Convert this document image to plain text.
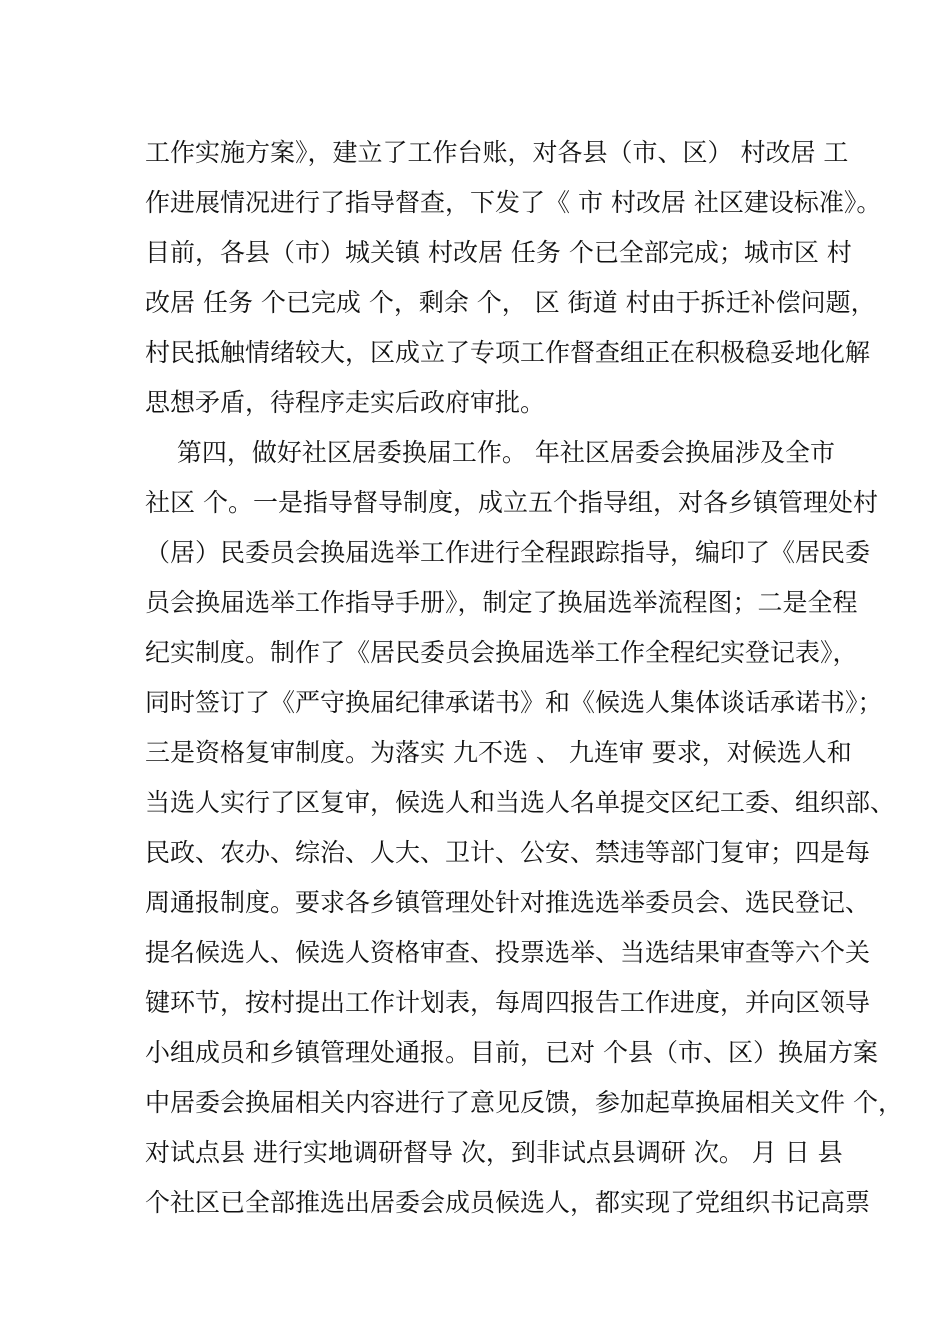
工作实施方案》，建立了工作台账，对各县（市、区） 村改居 工
作进展情况进行了指导督查，下发了《 市 村改居 社区建设标准》。
目前，各县（市）城关镇 村改居 任务 个已全部完成；城市区 村
改居 任务 个已完成 个，剩余 个， 区 街道 村由于拆迁补偿问题，
村民抵触情绪较大，区成立了专项工作督查组正在积极稳妥地化解
思想矛盾，待程序走实后政府审批。
第四，做好社区居委换届工作。 年社区居委会换届涉及全市
社区 个。一是指导督导制度，成立五个指导组，对各乡镇管理处村
（居）民委员会换届选举工作进行全程跟踪指导，编印了《居民委
员会换届选举工作指导手册》，制定了换届选举流程图；二是全程
纪实制度。制作了《居民委员会换届选举工作全程纪实登记表》，
同时签订了《严守换届纪律承诺书》和《候选人集体谈话承诺书》；
三是资格复审制度。为落实 九不选 、 九连审 要求，对候选人和
当选人实行了区复审，候选人和当选人名单提交区纪工委、组织部、
民政、农办、综治、人大、卫计、公安、禁违等部门复审；四是每
周通报制度。要求各乡镇管理处针对推选选举委员会、选民登记、
提名候选人、候选人资格审查、投票选举、当选结果审查等六个关
键环节，按村提出工作计划表，每周四报告工作进度，并向区领导
小组成员和乡镇管理处通报。目前，已对 个县（市、区）换届方案
中居委会换届相关内容进行了意见反馈，参加起草换届相关文件 个，
对试点县 进行实地调研督导 次，到非试点县调研 次。 月 日 县
个社区已全部推选出居委会成员候选人，都实现了党组织书记高票
